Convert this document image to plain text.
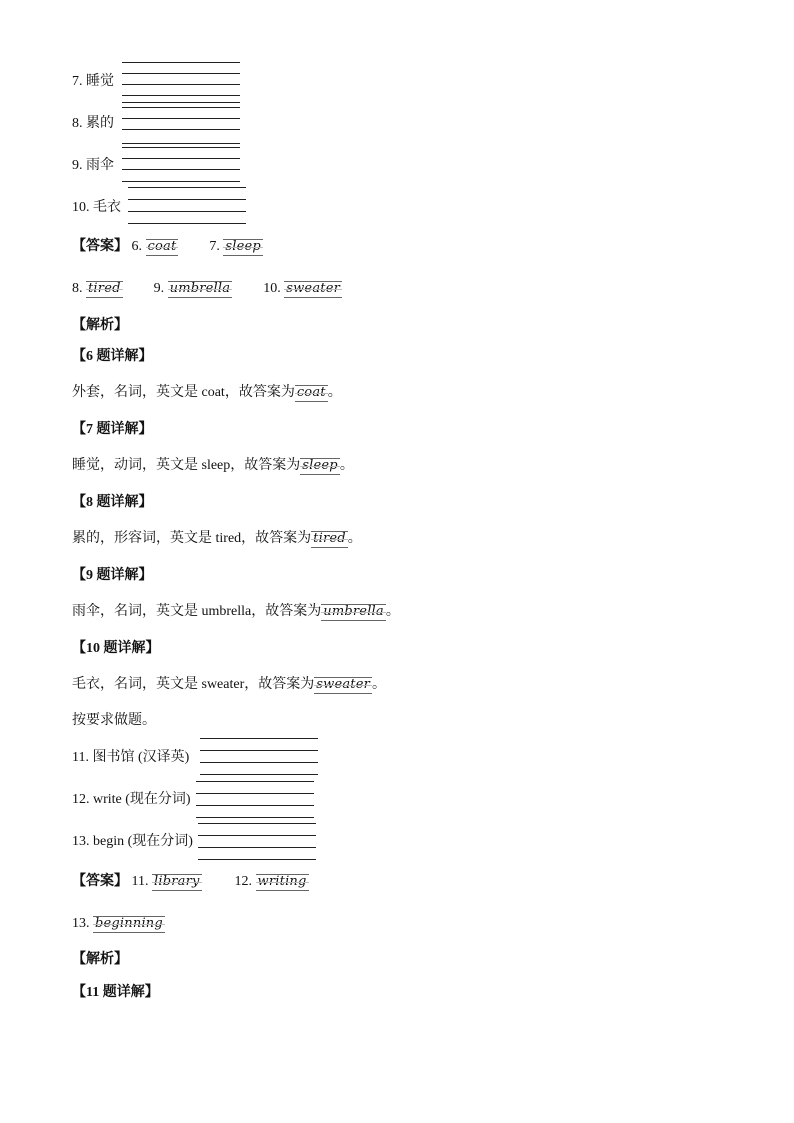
7. 睡觉
8. 累的
9. 雨伞
10. 毛衣
【答案】 6. coat 7. sleep
8. tired 9. umbrella 10. sweater
【解析】
【6 题详解】
外套，名词，英文是 coat，故答案为 coat 。
【7 题详解】
睡觉，动词，英文是 sleep，故答案为 sleep 。
【8 题详解】
累的，形容词，英文是 tired，故答案为 tired 。
【9 题详解】
雨伞，名词，英文是 umbrella，故答案为 umbrella 。
【10 题详解】
毛衣，名词，英文是 sweater，故答案为 sweater 。
按要求做题。
11. 图书馆 (汉译英)
12. write (现在分词)
13. begin (现在分词)
【答案】 11. library	12. writing
13. beginning
【解析】
【11 题详解】
